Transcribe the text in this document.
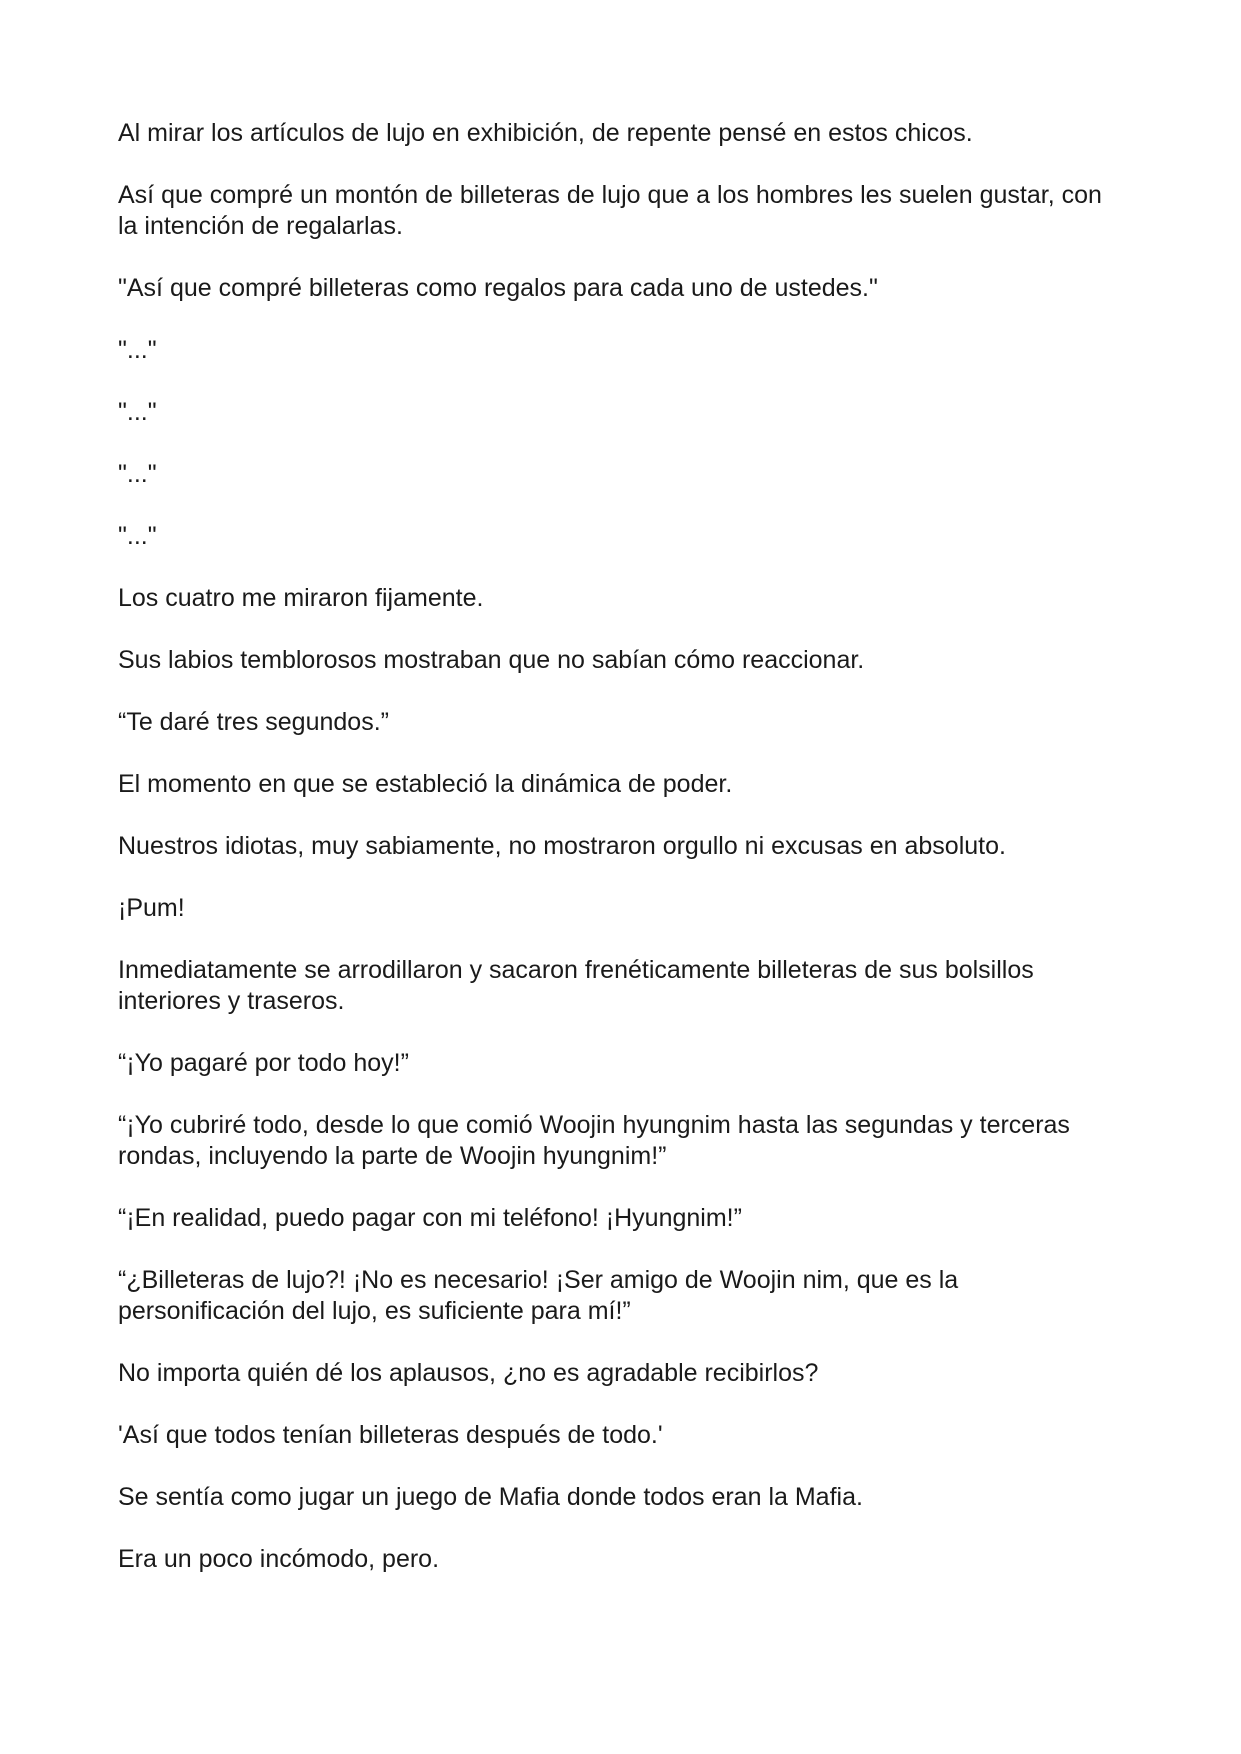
Al mirar los artículos de lujo en exhibición, de repente pensé en estos chicos.

Así que compré un montón de billeteras de lujo que a los hombres les suelen gustar, con la intención de regalarlas.

"Así que compré billeteras como regalos para cada uno de ustedes."

"..."

"..."

"..."

"..."

Los cuatro me miraron fijamente.

Sus labios temblorosos mostraban que no sabían cómo reaccionar.

“Te daré tres segundos.”

El momento en que se estableció la dinámica de poder.

Nuestros idiotas, muy sabiamente, no mostraron orgullo ni excusas en absoluto.

¡Pum!

Inmediatamente se arrodillaron y sacaron frenéticamente billeteras de sus bolsillos interiores y traseros.

“¡Yo pagaré por todo hoy!”

“¡Yo cubriré todo, desde lo que comió Woojin hyungnim hasta las segundas y terceras rondas, incluyendo la parte de Woojin hyungnim!”

“¡En realidad, puedo pagar con mi teléfono! ¡Hyungnim!”

“¿Billeteras de lujo?! ¡No es necesario! ¡Ser amigo de Woojin nim, que es la personificación del lujo, es suficiente para mí!”

No importa quién dé los aplausos, ¿no es agradable recibirlos?

'Así que todos tenían billeteras después de todo.'

Se sentía como jugar un juego de Mafia donde todos eran la Mafia.

Era un poco incómodo, pero.
